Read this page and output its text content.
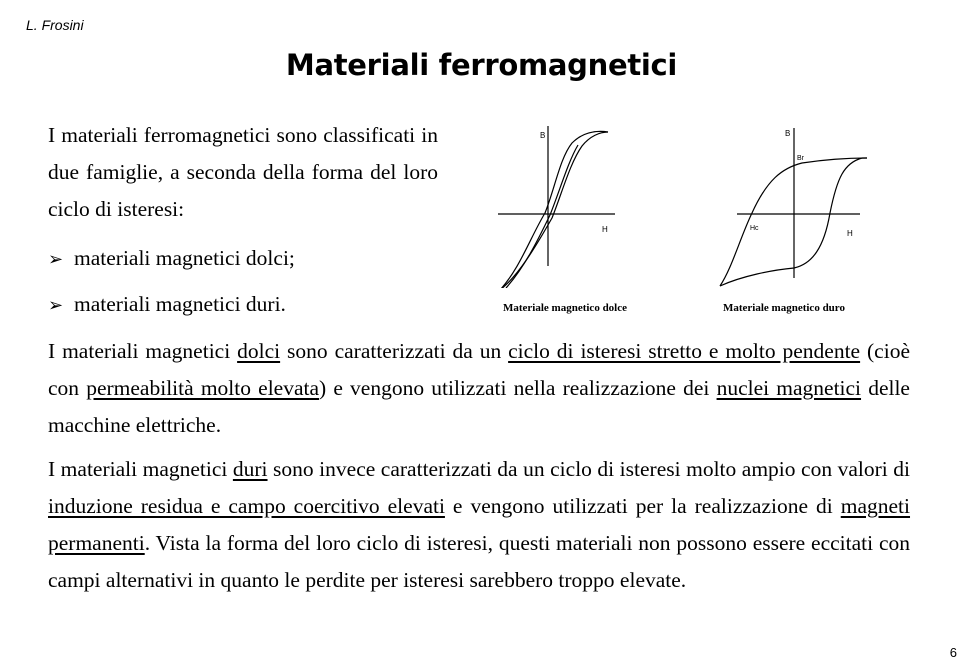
L. Frosini
Materiali ferromagnetici
I materiali ferromagnetici sono classificati in due famiglie, a seconda della forma del loro ciclo di isteresi:
➢ materiali magnetici dolci;
➢ materiali magnetici duri.
B
H
B
H
Br
Hc
Materiale magnetico dolce	Materiale magnetico duro
I materiali magnetici dolci sono caratterizzati da un ciclo di isteresi stretto e molto pendente (cioè con permeabilità molto elevata) e vengono utilizzati nella realizzazione dei nuclei magnetici delle macchine elettriche.
I materiali magnetici duri sono invece caratterizzati da un ciclo di isteresi molto ampio con valori di induzione residua e campo coercitivo elevati e vengono utilizzati per la realizzazione di magneti permanenti. Vista la forma del loro ciclo di isteresi, questi materiali non possono essere eccitati con campi alternativi in quanto le perdite per isteresi sarebbero troppo elevate.
6
